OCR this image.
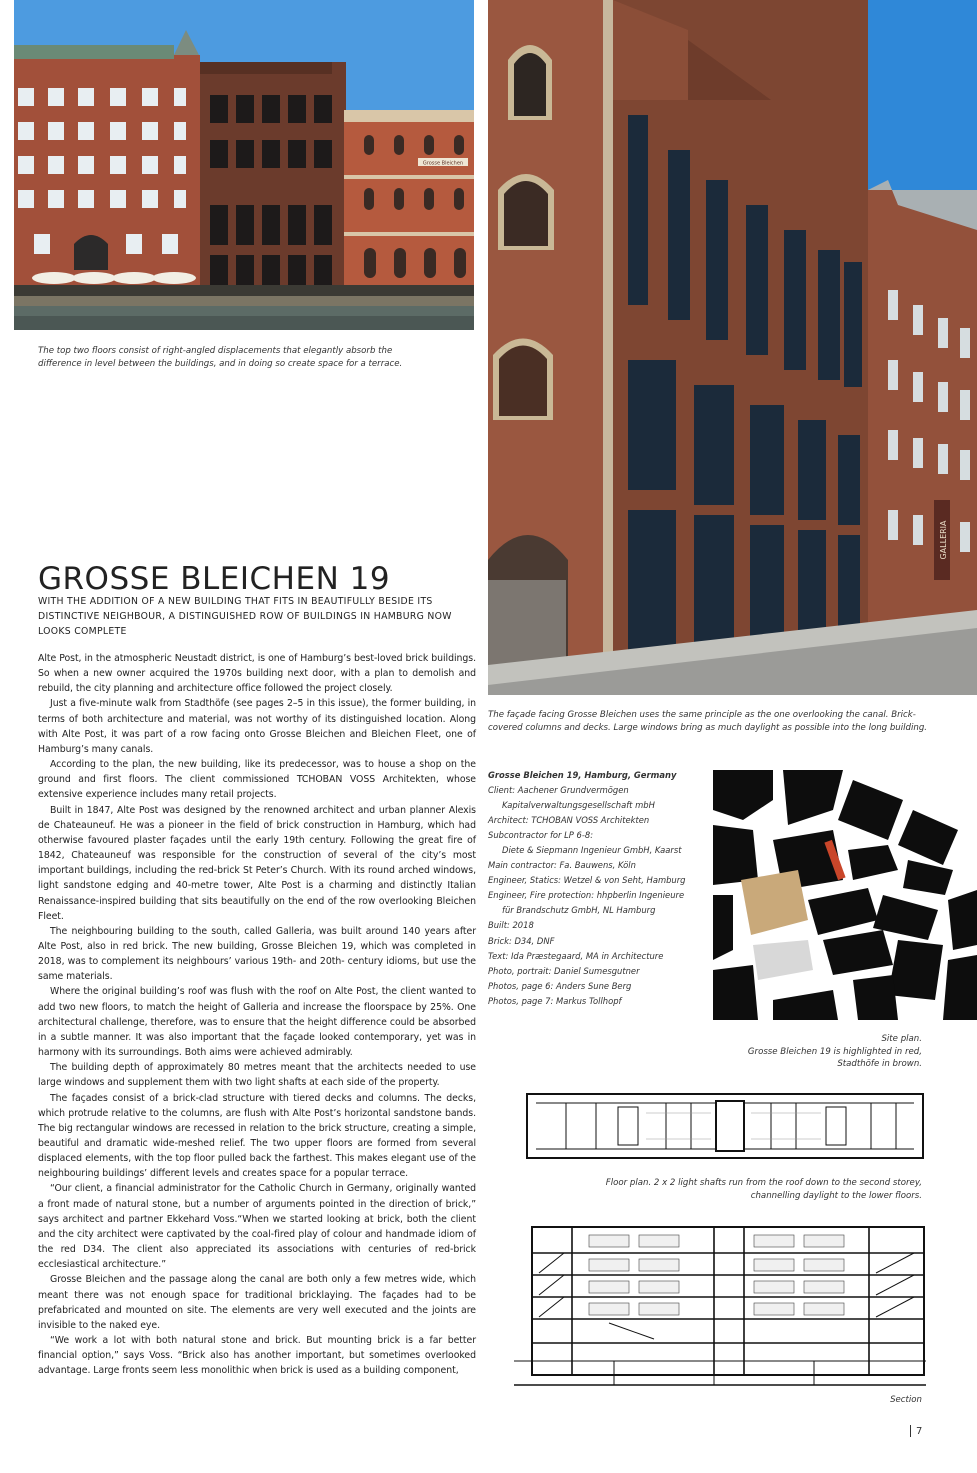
Grosse Bleichen
The top two floors consist of right-angled displacements that elegantly absorb the difference in level between the buildings, and in doing so create space for a terrace.
GALLERIA
The façade facing Grosse Bleichen uses the same principle as the one overlooking the canal. Brick-covered columns and decks. Large windows bring as much daylight as possible into the long building.
GROSSE BLEICHEN 19
WITH THE ADDITION OF A NEW BUILDING THAT FITS IN BEAUTIFULLY BESIDE ITS DISTINCTIVE NEIGHBOUR, A DISTINGUISHED ROW OF BUILDINGS IN HAMBURG NOW LOOKS COMPLETE

Alte Post, in the atmospheric Neustadt district, is one of Hamburg’s best-loved brick buildings. So when a new owner acquired the 1970s building next door, with a plan to demolish and rebuild, the city planning and architecture office followed the project closely.

Just a five-minute walk from Stadthöfe (see pages 2–5 in this issue), the former building, in terms of both architecture and material, was not worthy of its distinguished location. Along with Alte Post, it was part of a row facing onto Grosse Bleichen and Bleichen Fleet, one of Hamburg’s many canals.

According to the plan, the new building, like its predecessor, was to house a shop on the ground and first floors. The client commissioned TCHOBAN VOSS Architekten, whose extensive experience includes many retail projects.

Built in 1847, Alte Post was designed by the renowned architect and urban planner Alexis de Chateauneuf. He was a pioneer in the field of brick construction in Hamburg, which had otherwise favoured plaster façades until the early 19th century. Following the great fire of 1842, Chateauneuf was responsible for the construction of several of the city’s most important buildings, including the red-brick St Peter’s Church. With its round arched windows, light sandstone edging and 40-metre tower, Alte Post is a charming and distinctly Italian Renaissance-inspired building that sits beautifully on the end of the row overlooking Bleichen Fleet.

The neighbouring building to the south, called Galleria, was built around 140 years after Alte Post, also in red brick. The new building, Grosse Bleichen 19, which was completed in 2018, was to complement its neighbours’ various 19th- and 20th- century idioms, but use the same materials.

Where the original building’s roof was flush with the roof on Alte Post, the client wanted to add two new floors, to match the height of Galleria and increase the floorspace by 25%. One architectural challenge, therefore, was to ensure that the height difference could be absorbed in a subtle manner. It was also important that the façade looked contemporary, yet was in harmony with its surroundings. Both aims were achieved admirably.

The building depth of approximately 80 metres meant that the architects needed to use large windows and supplement them with two light shafts at each side of the property.

The façades consist of a brick-clad structure with tiered decks and columns. The decks, which protrude relative to the columns, are flush with Alte Post’s horizontal sandstone bands. The big rectangular windows are recessed in relation to the brick structure, creating a simple, beautiful and dramatic wide-meshed relief. The two upper floors are formed from several displaced elements, with the top floor pulled back the farthest. This makes elegant use of the neighbouring buildings’ different levels and creates space for a popular terrace.

“Our client, a financial administrator for the Catholic Church in Germany, originally wanted a front made of natural stone, but a number of arguments pointed in the direction of brick,” says architect and partner Ekkehard Voss.“When we started looking at brick, both the client and the city architect were captivated by the coal-fired play of colour and handmade idiom of the red D34. The client also appreciated its associations with centuries of red-brick ecclesiastical architecture.”

Grosse Bleichen and the passage along the canal are both only a few metres wide, which meant there was not enough space for traditional bricklaying. The façades had to be prefabricated and mounted on site. The elements are very well executed and the joints are invisible to the naked eye.

“We work a lot with both natural stone and brick. But mounting brick is a far better financial option,” says Voss. “Brick also has another important, but sometimes overlooked advantage. Large fronts seem less monolithic when brick is used as a building component,

Grosse Bleichen 19, Hamburg, Germany
Client: Aachener Grundvermögen
Kapitalverwaltungsgesellschaft mbH
Architect: TCHOBAN VOSS Architekten
Subcontractor for LP 6-8:
Diete & Siepmann Ingenieur GmbH, Kaarst
Main contractor: Fa. Bauwens, Köln
Engineer, Statics: Wetzel & von Seht, Hamburg
Engineer, Fire protection: hhpberlin Ingenieure
für Brandschutz GmbH, NL Hamburg
Built: 2018
Brick: D34, DNF
Text: Ida Præstegaard, MA in Architecture
Photo, portrait: Daniel Sumesgutner
Photos, page 6: Anders Sune Berg
Photos, page 7: Markus Tollhopf
Site plan.
Grosse Bleichen 19 is highlighted in red,
Stadthöfe in brown.
Floor plan. 2 x 2 light shafts run from the roof down to the second storey,
channelling daylight to the lower floors.
Section
7
